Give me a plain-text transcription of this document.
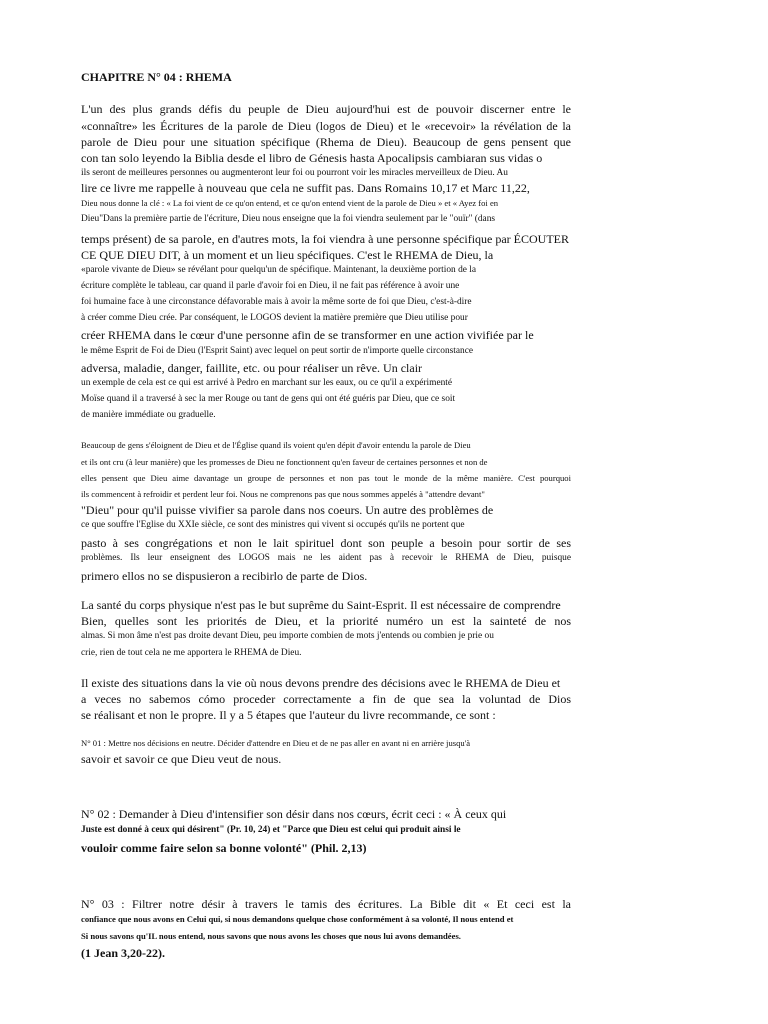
CHAPITRE N° 04 : RHEMA
L'un des plus grands défis du peuple de Dieu aujourd'hui est de pouvoir discerner entre le
«connaître» les Écritures de la parole de Dieu (logos de Dieu) et le «recevoir» la révélation de la
parole de Dieu pour une situation spécifique (Rhema de Dieu). Beaucoup de gens pensent que
con tan solo leyendo la Biblia desde el libro de Génesis hasta Apocalipsis cambiaran sus vidas o
ils seront de meilleures personnes ou augmenteront leur foi ou pourront voir les miracles merveilleux de Dieu. Au
lire ce livre me rappelle à nouveau que cela ne suffit pas. Dans Romains 10,17 et Marc 11,22,
Dieu nous donne la clé : « La foi vient de ce qu'on entend, et ce qu'on entend vient de la parole de Dieu » et « Ayez foi en
Dieu"Dans la première partie de l'écriture, Dieu nous enseigne que la foi viendra seulement par le "ouïr" (dans
temps présent) de sa parole, en d'autres mots, la foi viendra à une personne spécifique par ÉCOUTER
CE QUE DIEU DIT, à un moment et un lieu spécifiques. C'est le RHEMA de Dieu, la
«parole vivante de Dieu» se révélant pour quelqu'un de spécifique. Maintenant, la deuxième portion de la
écriture complète le tableau, car quand il parle d'avoir foi en Dieu, il ne fait pas référence à avoir une
foi humaine face à une circonstance défavorable mais à avoir la même sorte de foi que Dieu, c'est-à-dire
à créer comme Dieu crée. Par conséquent, le LOGOS devient la matière première que Dieu utilise pour
créer RHEMA dans le cœur d'une personne afin de se transformer en une action vivifiée par le
le même Esprit de Foi de Dieu (l'Esprit Saint) avec lequel on peut sortir de n'importe quelle circonstance
adversa, maladie, danger, faillite, etc. ou pour réaliser un rêve. Un clair
un exemple de cela est ce qui est arrivé à Pedro en marchant sur les eaux, ou ce qu'il a expérimenté
Moïse quand il a traversé à sec la mer Rouge ou tant de gens qui ont été guéris par Dieu, que ce soit
de manière immédiate ou graduelle.
Beaucoup de gens s'éloignent de Dieu et de l'Église quand ils voient qu'en dépit d'avoir entendu la parole de Dieu
et ils ont cru (à leur manière) que les promesses de Dieu ne fonctionnent qu'en faveur de certaines personnes et non de
elles pensent que Dieu aime davantage un groupe de personnes et non pas tout le monde de la même manière. C'est pourquoi
ils commencent à refroidir et perdent leur foi. Nous ne comprenons pas que nous sommes appelés à "attendre devant"
"Dieu" pour qu'il puisse vivifier sa parole dans nos coeurs. Un autre des problèmes de
ce que souffre l'Église du XXIe siècle, ce sont des ministres qui vivent si occupés qu'ils ne portent que
pasto à ses congrégations et non le lait spirituel dont son peuple a besoin pour sortir de ses
problèmes. Ils leur enseignent des LOGOS mais ne les aident pas à recevoir le RHEMA de Dieu, puisque
primero ellos no se dispusieron a recibirlo de parte de Dios.
La santé du corps physique n'est pas le but suprême du Saint-Esprit. Il est nécessaire de comprendre
Bien, quelles sont les priorités de Dieu, et la priorité numéro un est la sainteté de nos
almas. Si mon âme n'est pas droite devant Dieu, peu importe combien de mots j'entends ou combien je prie ou
crie, rien de tout cela ne me apportera le RHEMA de Dieu.
Il existe des situations dans la vie où nous devons prendre des décisions avec le RHEMA de Dieu et
a veces no sabemos cómo proceder correctamente a fin de que sea la voluntad de Dios
se réalisant et non le propre. Il y a 5 étapes que l'auteur du livre recommande, ce sont :
N° 01 : Mettre nos décisions en neutre. Décider d'attendre en Dieu et de ne pas aller en avant ni en arrière jusqu'à
savoir et savoir ce que Dieu veut de nous.
N° 02 : Demander à Dieu d'intensifier son désir dans nos cœurs, écrit ceci : « À ceux qui
Juste est donné à ceux qui désirent" (Pr. 10, 24) et "Parce que Dieu est celui qui produit ainsi le
vouloir comme faire selon sa bonne volonté" (Phil. 2,13)
N° 03 : Filtrer notre désir à travers le tamis des écritures. La Bible dit « Et ceci est la
confiance que nous avons en Celui qui, si nous demandons quelque chose conformément à sa volonté, Il nous entend et
Si nous savons qu'IL nous entend, nous savons que nous avons les choses que nous lui avons demandées.
(1 Jean 3,20-22).
